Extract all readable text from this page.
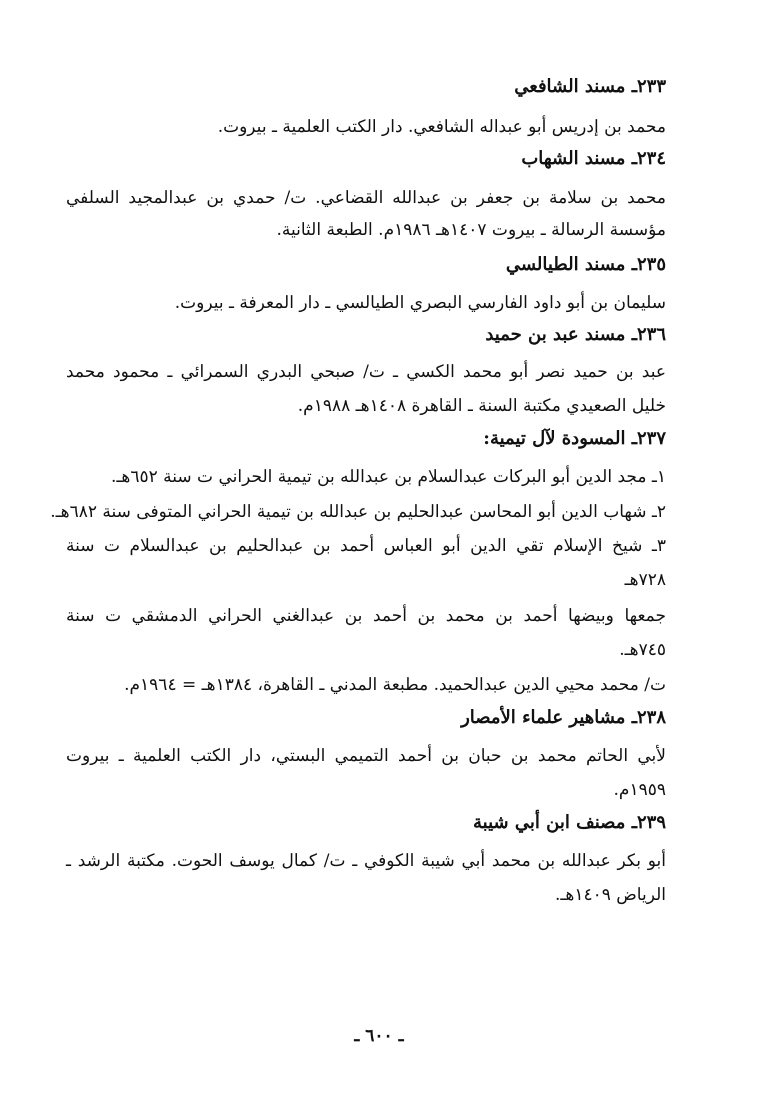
٢٣٣ـ مسند الشافعي
محمد بن إدريس أبو عبداله الشافعي. دار الكتب العلمية ـ بيروت.
٢٣٤ـ مسند الشهاب
محمد بن سلامة بن جعفر بن عبدالله القضاعي. ت/ حمدي بن عبدالمجيد السلفي
مؤسسة الرسالة ـ بيروت ١٤٠٧هـ ١٩٨٦م. الطبعة الثانية.
٢٣٥ـ مسند الطيالسي
سليمان بن أبو داود الفارسي البصري الطيالسي ـ دار المعرفة ـ بيروت.
٢٣٦ـ مسند عبد بن حميد
عبد بن حميد نصر أبو محمد الكسي ـ ت/ صبحي البدري السمرائي ـ محمود محمد
خليل الصعيدي مكتبة السنة ـ القاهرة ١٤٠٨هـ ١٩٨٨م.
٢٣٧ـ المسودة لآل تيمية:
١ـ مجد الدين أبو البركات عبدالسلام بن عبدالله بن تيمية الحراني ت سنة ٦٥٢هـ.
٢ـ شهاب الدين أبو المحاسن عبدالحليم بن عبدالله بن تيمية الحراني المتوفى سنة ٦٨٢هـ.
٣ـ شيخ الإسلام تقي الدين أبو العباس أحمد بن عبدالحليم بن عبدالسلام ت سنة
٧٢٨هـ
جمعها وبيضها أحمد بن محمد بن أحمد بن عبدالغني الحراني الدمشقي ت سنة
٧٤٥هـ.
ت/ محمد محيي الدين عبدالحميد. مطبعة المدني ـ القاهرة، ١٣٨٤هـ = ١٩٦٤م.
٢٣٨ـ مشاهير علماء الأمصار
لأبي الحاتم محمد بن حبان بن أحمد التميمي البستي، دار الكتب العلمية ـ بيروت
١٩٥٩م.
٢٣٩ـ مصنف ابن أبي شيبة
أبو بكر عبدالله بن محمد أبي شيبة الكوفي ـ ت/ كمال يوسف الحوت. مكتبة الرشد ـ
الرياض ١٤٠٩هـ.
ـ ٦٠٠ ـ
